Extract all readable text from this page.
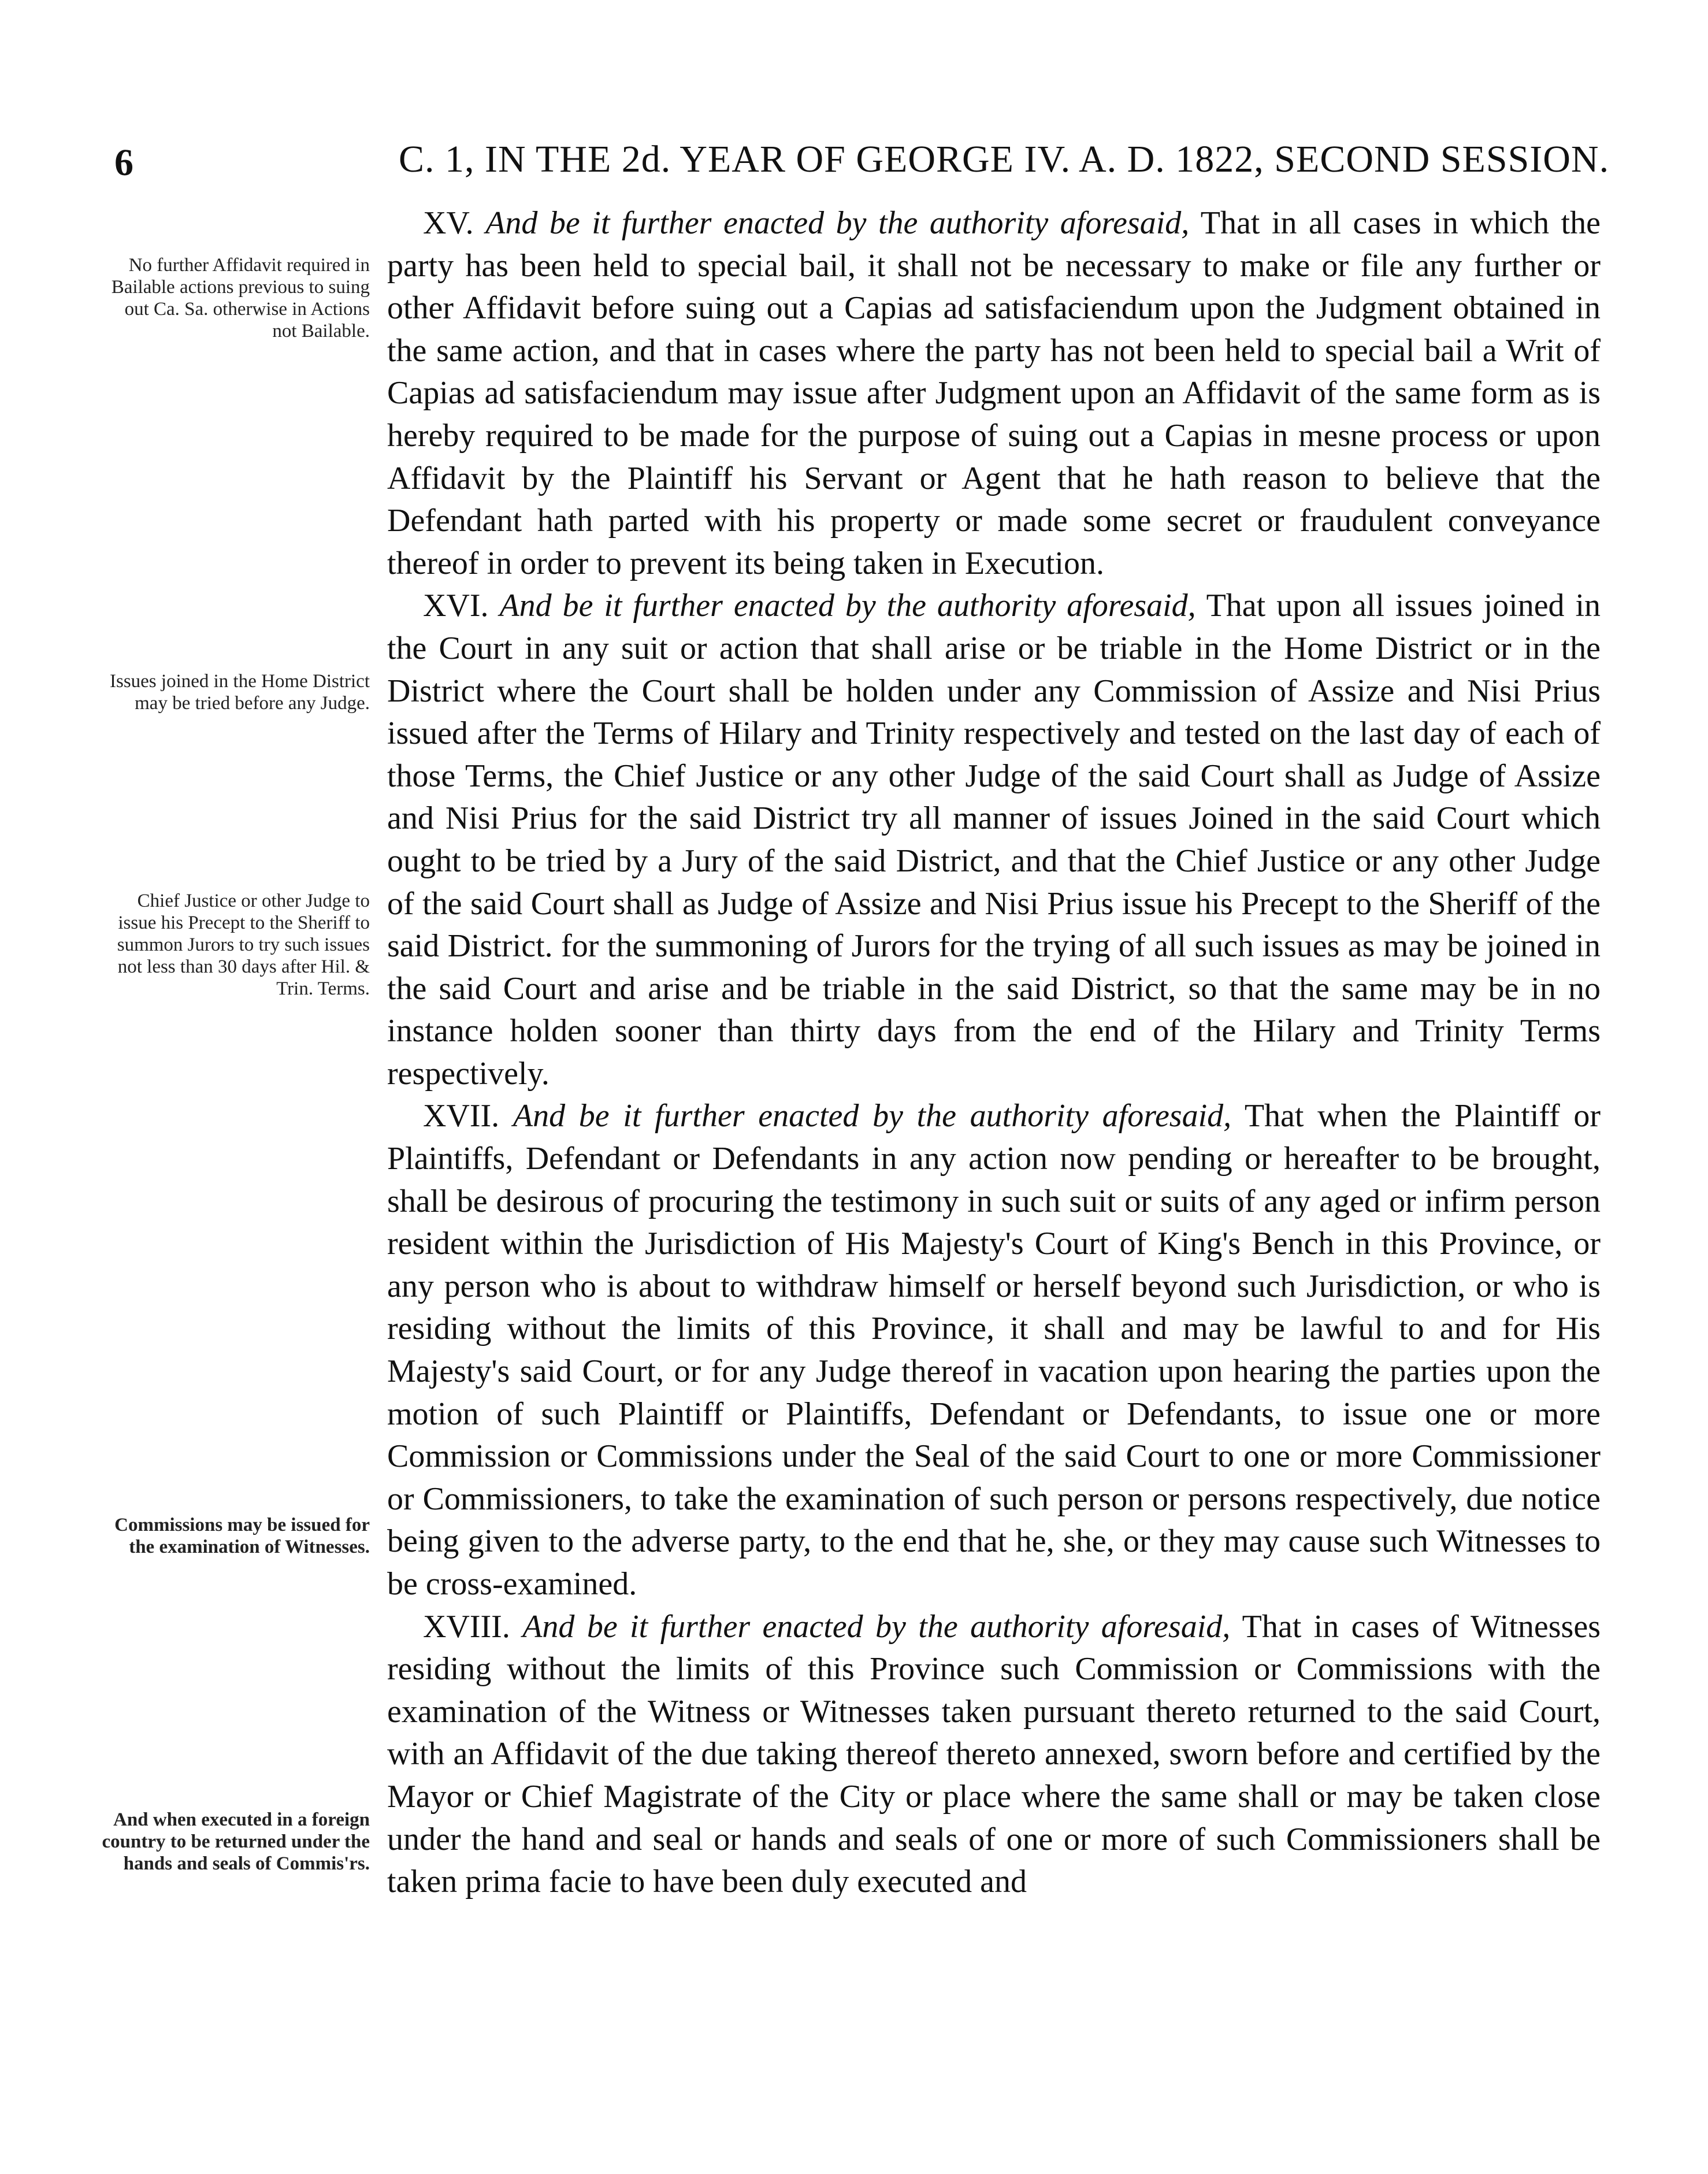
6	C. 1, IN THE 2d. YEAR OF GEORGE IV. A. D. 1822, SECOND SESSION.
No further Affidavit required in Bailable actions previous to suing out Ca. Sa. otherwise in Actions not Bailable.
Issues joined in the Home District may be tried before any Judge.
Chief Justice or other Judge to issue his Precept to the Sheriff to summon Jurors to try such issues not less than 30 days after Hil. & Trin. Terms.
Commissions may be issued for the examination of Witnesses.
And when executed in a foreign country to be returned under the hands and seals of Commis'rs.

XV. And be it further enacted by the authority aforesaid, That in all cases in which the party has been held to special bail, it shall not be necessary to make or file any further or other Affidavit before suing out a Capias ad satisfaciendum upon the Judgment obtained in the same action, and that in cases where the party has not been held to special bail a Writ of Capias ad satisfaciendum may issue after Judgment upon an Affidavit of the same form as is hereby required to be made for the purpose of suing out a Capias in mesne process or upon Affidavit by the Plaintiff his Servant or Agent that he hath reason to believe that the Defendant hath parted with his property or made some secret or fraudulent conveyance thereof in order to prevent its being taken in Execution.

XVI. And be it further enacted by the authority aforesaid, That upon all issues joined in the Court in any suit or action that shall arise or be triable in the Home District or in the District where the Court shall be holden under any Commission of Assize and Nisi Prius issued after the Terms of Hilary and Trinity respectively and tested on the last day of each of those Terms, the Chief Justice or any other Judge of the said Court shall as Judge of Assize and Nisi Prius for the said District try all manner of issues Joined in the said Court which ought to be tried by a Jury of the said District, and that the Chief Justice or any other Judge of the said Court shall as Judge of Assize and Nisi Prius issue his Precept to the Sheriff of the said District. for the summoning of Jurors for the trying of all such issues as may be joined in the said Court and arise and be triable in the said District, so that the same may be in no instance holden sooner than thirty days from the end of the Hilary and Trinity Terms respectively.

XVII. And be it further enacted by the authority aforesaid, That when the Plaintiff or Plaintiffs, Defendant or Defendants in any action now pending or hereafter to be brought, shall be desirous of procuring the testimony in such suit or suits of any aged or infirm person resident within the Jurisdiction of His Majesty's Court of King's Bench in this Province, or any person who is about to withdraw himself or herself beyond such Jurisdiction, or who is residing without the limits of this Province, it shall and may be lawful to and for His Majesty's said Court, or for any Judge thereof in vacation upon hearing the parties upon the motion of such Plaintiff or Plaintiffs, Defendant or Defendants, to issue one or more Commission or Commissions under the Seal of the said Court to one or more Commissioner or Commissioners, to take the examination of such person or persons respectively, due notice being given to the adverse party, to the end that he, she, or they may cause such Witnesses to be cross-examined.

XVIII. And be it further enacted by the authority aforesaid, That in cases of Witnesses residing without the limits of this Province such Commission or Commissions with the examination of the Witness or Witnesses taken pursuant thereto returned to the said Court, with an Affidavit of the due taking thereof thereto annexed, sworn before and certified by the Mayor or Chief Magistrate of the City or place where the same shall or may be taken close under the hand and seal or hands and seals of one or more of such Commissioners shall be taken prima facie to have been duly executed and
